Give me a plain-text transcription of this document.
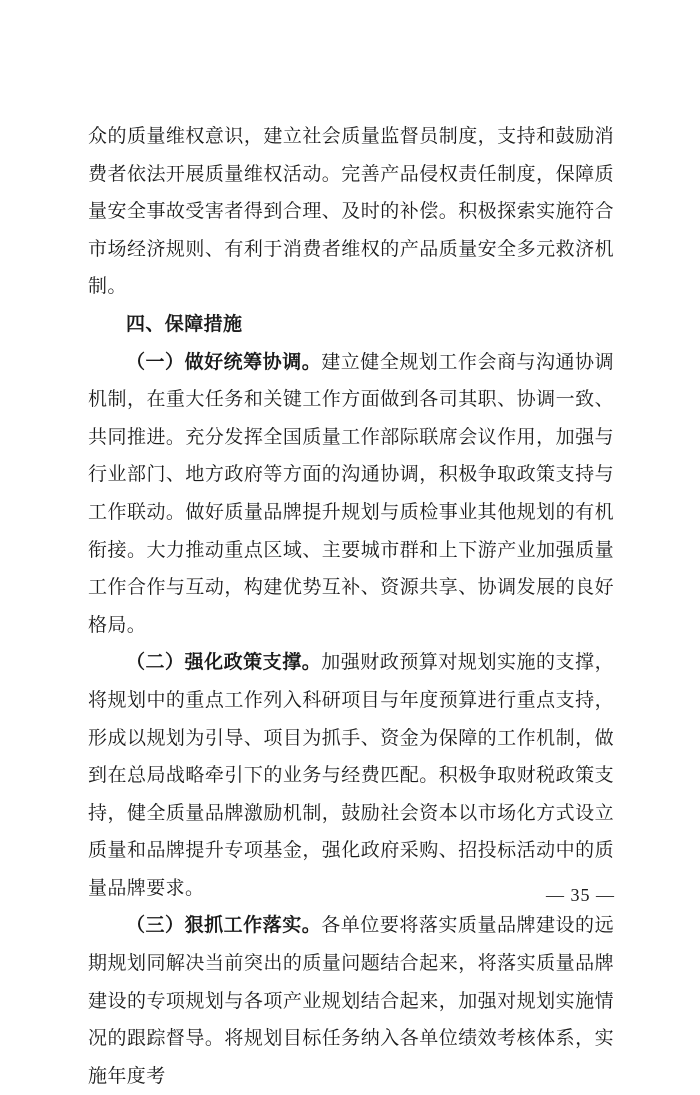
众的质量维权意识，建立社会质量监督员制度，支持和鼓励消费者依法开展质量维权活动。完善产品侵权责任制度，保障质量安全事故受害者得到合理、及时的补偿。积极探索实施符合市场经济规则、有利于消费者维权的产品质量安全多元救济机制。

四、保障措施

（一）做好统筹协调。建立健全规划工作会商与沟通协调机制，在重大任务和关键工作方面做到各司其职、协调一致、共同推进。充分发挥全国质量工作部际联席会议作用，加强与行业部门、地方政府等方面的沟通协调，积极争取政策支持与工作联动。做好质量品牌提升规划与质检事业其他规划的有机衔接。大力推动重点区域、主要城市群和上下游产业加强质量工作合作与互动，构建优势互补、资源共享、协调发展的良好格局。

（二）强化政策支撑。加强财政预算对规划实施的支撑，将规划中的重点工作列入科研项目与年度预算进行重点支持，形成以规划为引导、项目为抓手、资金为保障的工作机制，做到在总局战略牵引下的业务与经费匹配。积极争取财税政策支持，健全质量品牌激励机制，鼓励社会资本以市场化方式设立质量和品牌提升专项基金，强化政府采购、招投标活动中的质量品牌要求。

（三）狠抓工作落实。各单位要将落实质量品牌建设的远期规划同解决当前突出的质量问题结合起来，将落实质量品牌建设的专项规划与各项产业规划结合起来，加强对规划实施情况的跟踪督导。将规划目标任务纳入各单位绩效考核体系，实施年度考

— 35 —
